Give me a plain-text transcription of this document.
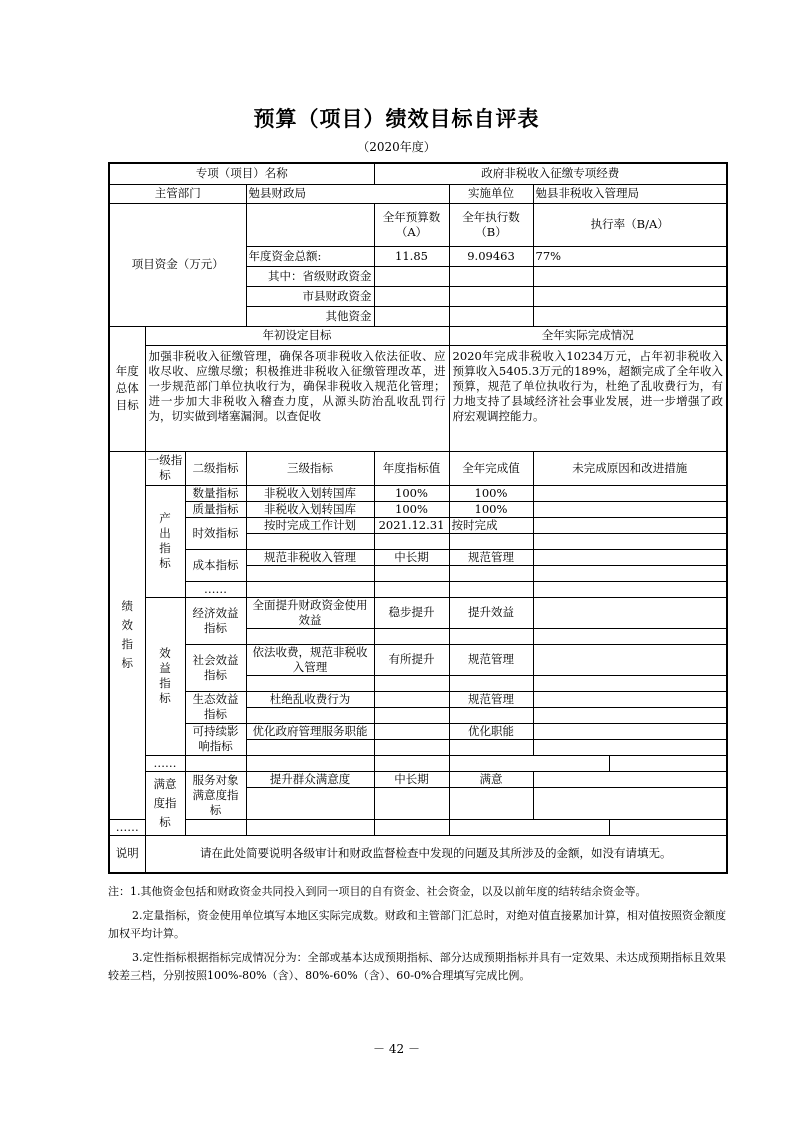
预算（项目）绩效目标自评表
（2020年度）
专项（项目）名称				政府非税收入征缴专项经费		
主管部门			勉县财政局		实施单位	勉县非税收入管理局
项目资金（万元）				全年预算数（A）	全年执行数（B）	执行率（B/A）
			年度资金总额:	11.85	9.09463	77%
			其中：省级财政资金			
			市县财政资金			
			其他资金			
年度总体目标	年初设定目标				全年实际完成情况	
	加强非税收入征缴管理，确保各项非税收入依法征收、应收尽收、应缴尽缴；积极推进非税收入征缴管理改革，进一步规范部门单位执收行为，确保非税收入规范化管理；进一步加大非税收入稽查力度，从源头防治乱收乱罚行为，切实做到堵塞漏洞。以查促收				2020年完成非税收入10234万元，占年初非税收入预算收入5405.3万元的189%，超额完成了全年收入预算，规范了单位执收行为，杜绝了乱收费行为，有力地支持了县域经济社会事业发展，进一步增强了政府宏观调控能力。	
绩效指标	一级指标	二级指标	三级指标	年度指标值	全年完成值	未完成原因和改进措施
	产出指标	数量指标	非税收入划转国库	100%	100%	
		质量指标	非税收入划转国库	100%	100%	
		时效指标	按时完成工作计划	2021.12.31	按时完成	

		成本指标	规范非税收入管理	中长期	规范管理	

		……				
	效益指标	经济效益指标	全面提升财政资金使用效益	稳步提升	提升效益	

		社会效益指标	依法收费，规范非税收入管理	有所提升	规范管理	

		生态效益指标	杜绝乱收费行为		规范管理	

		可持续影响指标	优化政府管理服务职能		优化职能	

	……					
	满意度指标	服务对象满意度指标	提升群众满意度	中长期	满意	

……						
说明	请在此处简要说明各级审计和财政监督检查中发现的问题及其所涉及的金额，如没有请填无。					

注：1.其他资金包括和财政资金共同投入到同一项目的自有资金、社会资金，以及以前年度的结转结余资金等。

2.定量指标，资金使用单位填写本地区实际完成数。财政和主管部门汇总时，对绝对值直接累加计算，相对值按照资金额度加权平均计算。

3.定性指标根据指标完成情况分为：全部或基本达成预期指标、部分达成预期指标并具有一定效果、未达成预期指标且效果较差三档，分别按照100%-80%（含）、80%-60%（含）、60-0%合理填写完成比例。

－ 42 －
